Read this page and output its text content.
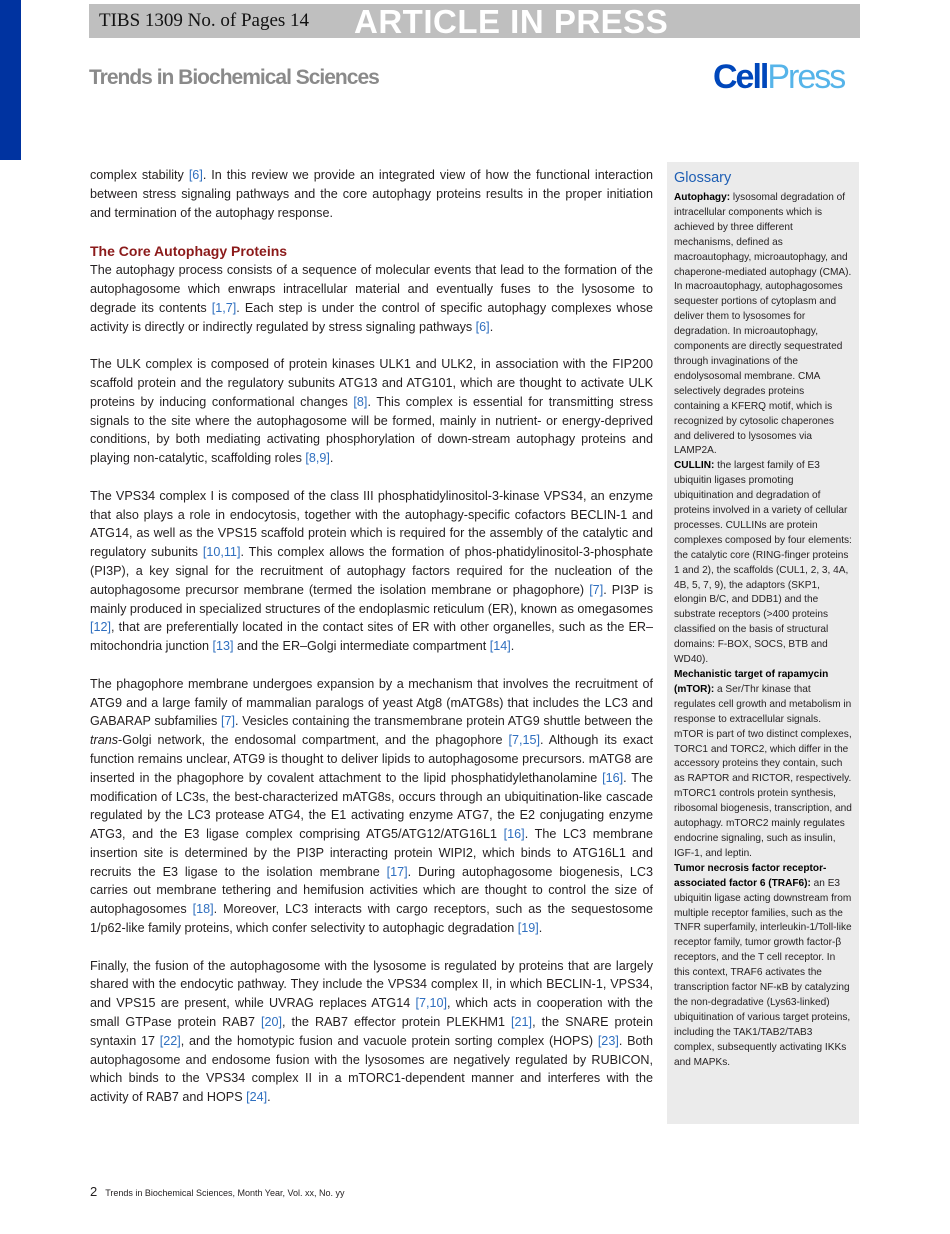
TIBS 1309 No. of Pages 14 ARTICLE IN PRESS
Trends in Biochemical Sciences	CellPress

complex stability [6]. In this review we provide an integrated view of how the functional interaction between stress signaling pathways and the core autophagy proteins results in the proper initiation and termination of the autophagy response.

The Core Autophagy Proteins

The autophagy process consists of a sequence of molecular events that lead to the formation of the autophagosome which enwraps intracellular material and eventually fuses to the lysosome to degrade its contents [1,7]. Each step is under the control of specific autophagy complexes whose activity is directly or indirectly regulated by stress signaling pathways [6].

The ULK complex is composed of protein kinases ULK1 and ULK2, in association with the FIP200 scaffold protein and the regulatory subunits ATG13 and ATG101, which are thought to activate ULK proteins by inducing conformational changes [8]. This complex is essential for transmitting stress signals to the site where the autophagosome will be formed, mainly in nutrient- or energy-deprived conditions, by both mediating activating phosphorylation of down-stream autophagy proteins and playing non-catalytic, scaffolding roles [8,9].

The VPS34 complex I is composed of the class III phosphatidylinositol-3-kinase VPS34, an enzyme that also plays a role in endocytosis, together with the autophagy-specific cofactors BECLIN-1 and ATG14, as well as the VPS15 scaffold protein which is required for the assembly of the catalytic and regulatory subunits [10,11]. This complex allows the formation of phos-phatidylinositol-3-phosphate (PI3P), a key signal for the recruitment of autophagy factors required for the nucleation of the autophagosome precursor membrane (termed the isolation membrane or phagophore) [7]. PI3P is mainly produced in specialized structures of the endoplasmic reticulum (ER), known as omegasomes [12], that are preferentially located in the contact sites of ER with other organelles, such as the ER–mitochondria junction [13] and the ER–Golgi intermediate compartment [14].

The phagophore membrane undergoes expansion by a mechanism that involves the recruitment of ATG9 and a large family of mammalian paralogs of yeast Atg8 (mATG8s) that includes the LC3 and GABARAP subfamilies [7]. Vesicles containing the transmembrane protein ATG9 shuttle between the trans-Golgi network, the endosomal compartment, and the phagophore [7,15]. Although its exact function remains unclear, ATG9 is thought to deliver lipids to autophagosome precursors. mATG8 are inserted in the phagophore by covalent attachment to the lipid phosphatidylethanolamine [16]. The modification of LC3s, the best-characterized mATG8s, occurs through an ubiquitination-like cascade regulated by the LC3 protease ATG4, the E1 activating enzyme ATG7, the E2 conjugating enzyme ATG3, and the E3 ligase complex comprising ATG5/ATG12/ATG16L1 [16]. The LC3 membrane insertion site is determined by the PI3P interacting protein WIPI2, which binds to ATG16L1 and recruits the E3 ligase to the isolation membrane [17]. During autophagosome biogenesis, LC3 carries out membrane tethering and hemifusion activities which are thought to control the size of autophagosomes [18]. Moreover, LC3 interacts with cargo receptors, such as the sequestosome 1/p62-like family proteins, which confer selectivity to autophagic degradation [19].

Finally, the fusion of the autophagosome with the lysosome is regulated by proteins that are largely shared with the endocytic pathway. They include the VPS34 complex II, in which BECLIN-1, VPS34, and VPS15 are present, while UVRAG replaces ATG14 [7,10], which acts in cooperation with the small GTPase protein RAB7 [20], the RAB7 effector protein PLEKHM1 [21], the SNARE protein syntaxin 17 [22], and the homotypic fusion and vacuole protein sorting complex (HOPS) [23]. Both autophagosome and endosome fusion with the lysosomes are negatively regulated by RUBICON, which binds to the VPS34 complex II in a mTORC1-dependent manner and interferes with the activity of RAB7 and HOPS [24].

Glossary

Autophagy: lysosomal degradation of intracellular components which is achieved by three different mechanisms, defined as macroautophagy, microautophagy, and chaperone-mediated autophagy (CMA). In macroautophagy, autophagosomes sequester portions of cytoplasm and deliver them to lysosomes for degradation. In microautophagy, components are directly sequestrated through invaginations of the endolysosomal membrane. CMA selectively degrades proteins containing a KFERQ motif, which is recognized by cytosolic chaperones and delivered to lysosomes via LAMP2A.

CULLIN: the largest family of E3 ubiquitin ligases promoting ubiquitination and degradation of proteins involved in a variety of cellular processes. CULLINs are protein complexes composed by four elements: the catalytic core (RING-finger proteins 1 and 2), the scaffolds (CUL1, 2, 3, 4A, 4B, 5, 7, 9), the adaptors (SKP1, elongin B/C, and DDB1) and the substrate receptors (>400 proteins classified on the basis of structural domains: F-BOX, SOCS, BTB and WD40).

Mechanistic target of rapamycin (mTOR): a Ser/Thr kinase that regulates cell growth and metabolism in response to extracellular signals. mTOR is part of two distinct complexes, TORC1 and TORC2, which differ in the accessory proteins they contain, such as RAPTOR and RICTOR, respectively. mTORC1 controls protein synthesis, ribosomal biogenesis, transcription, and autophagy. mTORC2 mainly regulates endocrine signaling, such as insulin, IGF-1, and leptin.

Tumor necrosis factor receptor-associated factor 6 (TRAF6): an E3 ubiquitin ligase acting downstream from multiple receptor families, such as the TNFR superfamily, interleukin-1/Toll-like receptor family, tumor growth factor-β receptors, and the T cell receptor. In this context, TRAF6 activates the transcription factor NF-κB by catalyzing the non-degradative (Lys63-linked) ubiquitination of various target proteins, including the TAK1/TAB2/TAB3 complex, subsequently activating IKKs and MAPKs.

2 Trends in Biochemical Sciences, Month Year, Vol. xx, No. yy
